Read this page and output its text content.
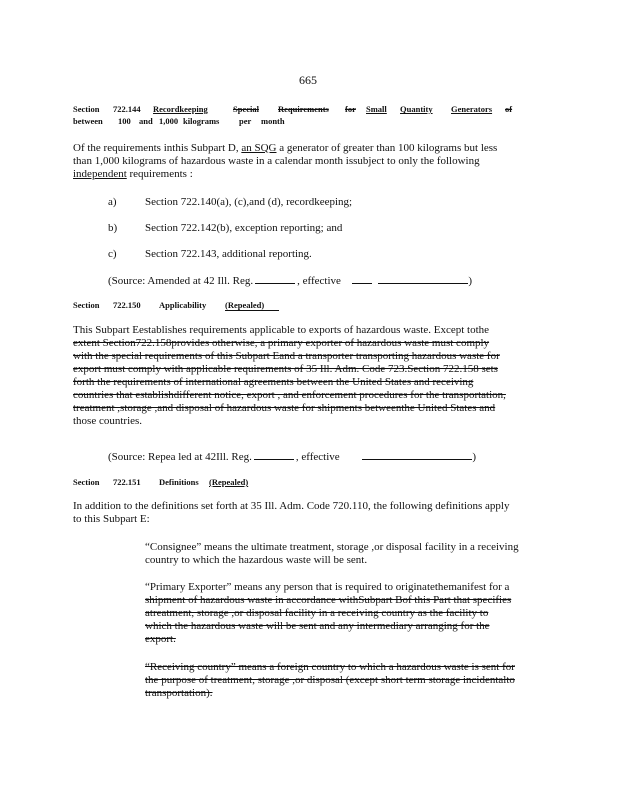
665
Section 722.144 Recordkeeping	Special Requirements for Small Quantity Generators of
between 100 and 1,000 kilograms per month
Of the requirements inthis Subpart D, an SQG a generator of greater than 100 kilograms but less
than 1,000 kilograms of hazardous waste in a calendar month issubject to only the following
independent requirements :
a)	Section 722.140(a), (c),and (d), recordkeeping;
b)	Section 722.142(b), exception reporting; and
c)	Section 722.143, additional reporting.
(Source: Amended at 42 Ill. Reg.	, effective	)
Section 722.150 Applicability (Repealed)
This Subpart Eestablishes requirements applicable to exports of hazardous waste. Except tothe
extent Section722.158provides otherwise, a primary exporter of hazardous waste must comply
with the special requirements of this Subpart Eand a transporter transporting hazardous waste for
export must comply with applicable requirements of 35 Ill. Adm. Code 723.Section 722.158 sets
forth the requirements of international agreements between the United States and receiving
countries that establishdifferent notice, export , and enforcement procedures for the transportation,
treatment ,storage ,and disposal of hazardous waste for shipments betweenthe United States and
those countries.
(Source: Repea led at 42Ill. Reg.	, effective	)
Section 722.151 Definitions (Repealed)
In addition to the definitions set forth at 35 Ill. Adm. Code 720.110, the following definitions apply
to this Subpart E:
“Consignee” means the ultimate treatment, storage ,or disposal facility in a receiving
country to which the hazardous waste will be sent.
“Primary Exporter” means any person that is required to originatethemanifest for a
shipment of hazardous waste in accordance withSubpart Bof this Part that specifies
atreatment, storage ,or disposal facility in a receiving country as the facility to
which the hazardous waste will be sent and any intermediary arranging for the
export.
“Receiving country” means a foreign country to which a hazardous waste is sent for
the purpose of treatment, storage ,or disposal (except short term storage incidentalto
transportation).
